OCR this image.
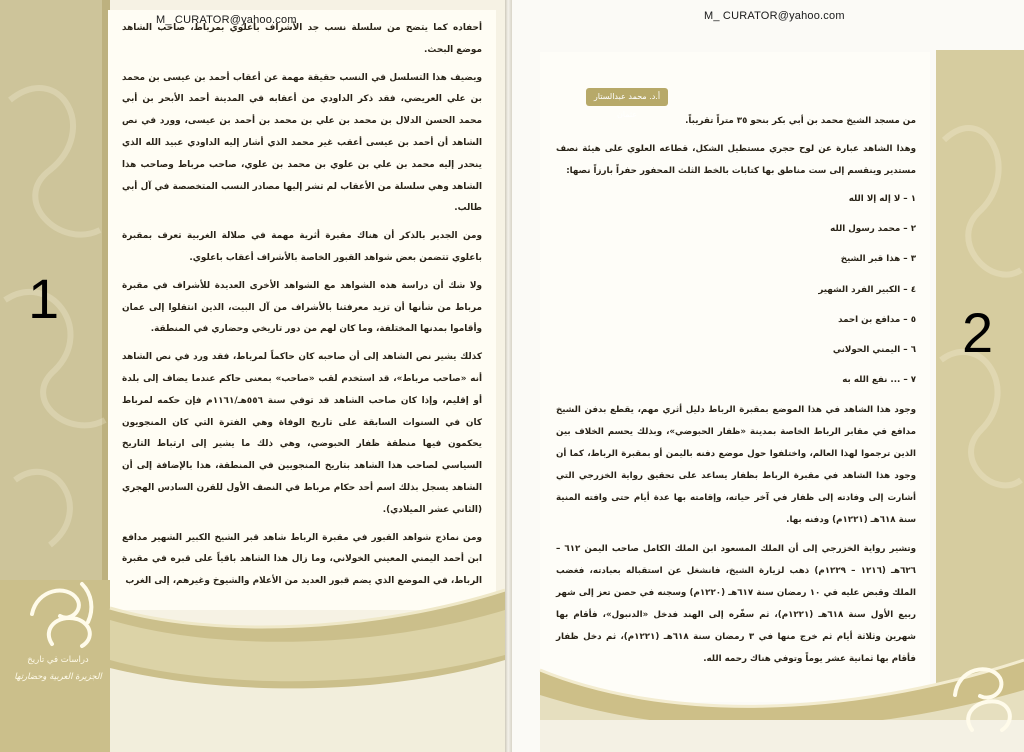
أحفاده كما يتضح من سلسلة نسب جد الأشراف باعلوي بمرباط، صاحب الشاهد موضع البحث.

ويضيف هذا التسلسل في النسب حقيقة مهمة عن أعقاب أحمد بن عيسى بن محمد بن علي العريضي، فقد ذكر الداودي من أعقابه في المدينة أحمد الأبحر بن أبي محمد الحسن الدلال بن محمد بن علي بن محمد بن أحمد بن عيسى، وورد في نص الشاهد أن أحمد بن عيسى أعقب غير محمد الذي أشار إليه الداودي عبيد الله الذي ينحدر إليه محمد بن علي بن علوي بن محمد بن علوي، صاحب مرباط وصاحب هذا الشاهد وهي سلسلة من الأعقاب لم تشر إليها مصادر النسب المتخصصة في آل أبي طالب.

ومن الجدير بالذكر أن هناك مقبرة أثرية مهمة في صلالة الغربية تعرف بمقبرة باعلوي تتضمن بعض شواهد القبور الخاصة بالأشراف أعقاب باعلوي.

ولا شك أن دراسة هذه الشواهد مع الشواهد الأخرى العديدة للأشراف في مقبرة مرباط من شأنها أن تزيد معرفتنا بالأشراف من آل البيت، الذين انتقلوا إلى عمان وأقاموا بمدنها المختلفة، وما كان لهم من دور تاريخي وحضاري في المنطقة.

كذلك يشير نص الشاهد إلى أن صاحبه كان حاكماً لمرباط، فقد ورد في نص الشاهد أنه «صاحب مرباط»، قد استخدم لقب «صاحب» بمعنى حاكم عندما يضاف إلى بلدة أو إقليم، وإذا كان صاحب الشاهد قد توفي سنة ٥٥٦هـ/١١٦١م فإن حكمه لمرباط كان في السنوات السابقة على تاريخ الوفاة وهي الفترة التي كان المنجويون يحكمون فيها منطقة ظفار الحبوضي، وهي ذلك ما يشير إلى ارتباط التاريخ السياسي لصاحب هذا الشاهد بتاريخ المنجويين في المنطقة، هذا بالإضافة إلى أن الشاهد يسجل بذلك اسم أحد حكام مرباط في النصف الأول للقرن السادس الهجري (الثاني عشر الميلادي).

ومن نماذج شواهد القبور في مقبرة الرباط شاهد قبر الشيخ الكبير الشهير مدافع ابن أحمد اليمني المعيني الخولاني، وما زال هذا الشاهد باقياً على قبره في مقبرة الرباط، في الموضع الذي يضم قبور العديد من الأعلام والشيوخ وغيرهم، إلى الغرب

دراسات في تاريخ
الجزيرة العربية وحضارتها
M_ CURATOR@yahoo.com
1

من مسجد الشيخ محمد بن أبي بكر بنحو ٣٥ متراً تقريباً.

وهذا الشاهد عبارة عن لوح حجري مستطيل الشكل، قطاعه العلوي على هيئة نصف مستدير وينقسم إلى ست مناطق بها كتابات بالخط الثلث المحفور حفراً بارزاً نصها:

١ – لا إله إلا الله

٢ – محمد رسول الله

٣ – هذا قبر الشيخ

٤ – الكبير الفرد الشهير

٥ – مدافع بن احمد

٦ – اليمني الحولاني

٧ – ... نفع الله به

وجود هذا الشاهد في هذا الموضع بمقبرة الرباط دليل أثري مهم، يقطع بدفن الشيخ مدافع في مقابر الرباط الخاصة بمدينة «ظفار الحبوضي»، وبذلك يحسم الخلاف بين الذين ترجموا لهذا العالم، واختلفوا حول موضع دفنه باليمن أو بمقبرة الرباط، كما أن وجود هذا الشاهد في مقبرة الرباط بظفار يساعد على تحقيق رواية الخزرجي التي أشارت إلى وفادته إلى ظفار في آخر حياته، وإقامته بها عدة أيام حتى وافته المنية سنة ٦١٨هـ (١٢٢١م) ودفنه بها.

وتشير رواية الخزرجي إلى أن الملك المسعود ابن الملك الكامل صاحب اليمن ٦١٢ – ٦٢٦هـ (١٢١٦ – ١٢٢٩م) ذهب لزيارة الشيخ، فانشغل عن استقباله بعبادته، فغضب الملك وقبض عليه في ١٠ رمضان سنة ٦١٧هـ (١٢٢٠م) وسجنه في حصن تعز إلى شهر ربيع الأول سنة ٦١٨هـ (١٢٢١م)، ثم سفّره إلى الهند فدخل «الدنبول»، فأقام بها شهرين وثلاثة أيام ثم خرج منها في ٣ رمضان سنة ٦١٨هـ (١٢٢١م)، ثم دخل ظفار فأقام بها ثمانية عشر يوماً وتوفي هناك رحمه الله.

أ.د. محمد عبدالستار عثمان
M_ CURATOR@yahoo.com
2
